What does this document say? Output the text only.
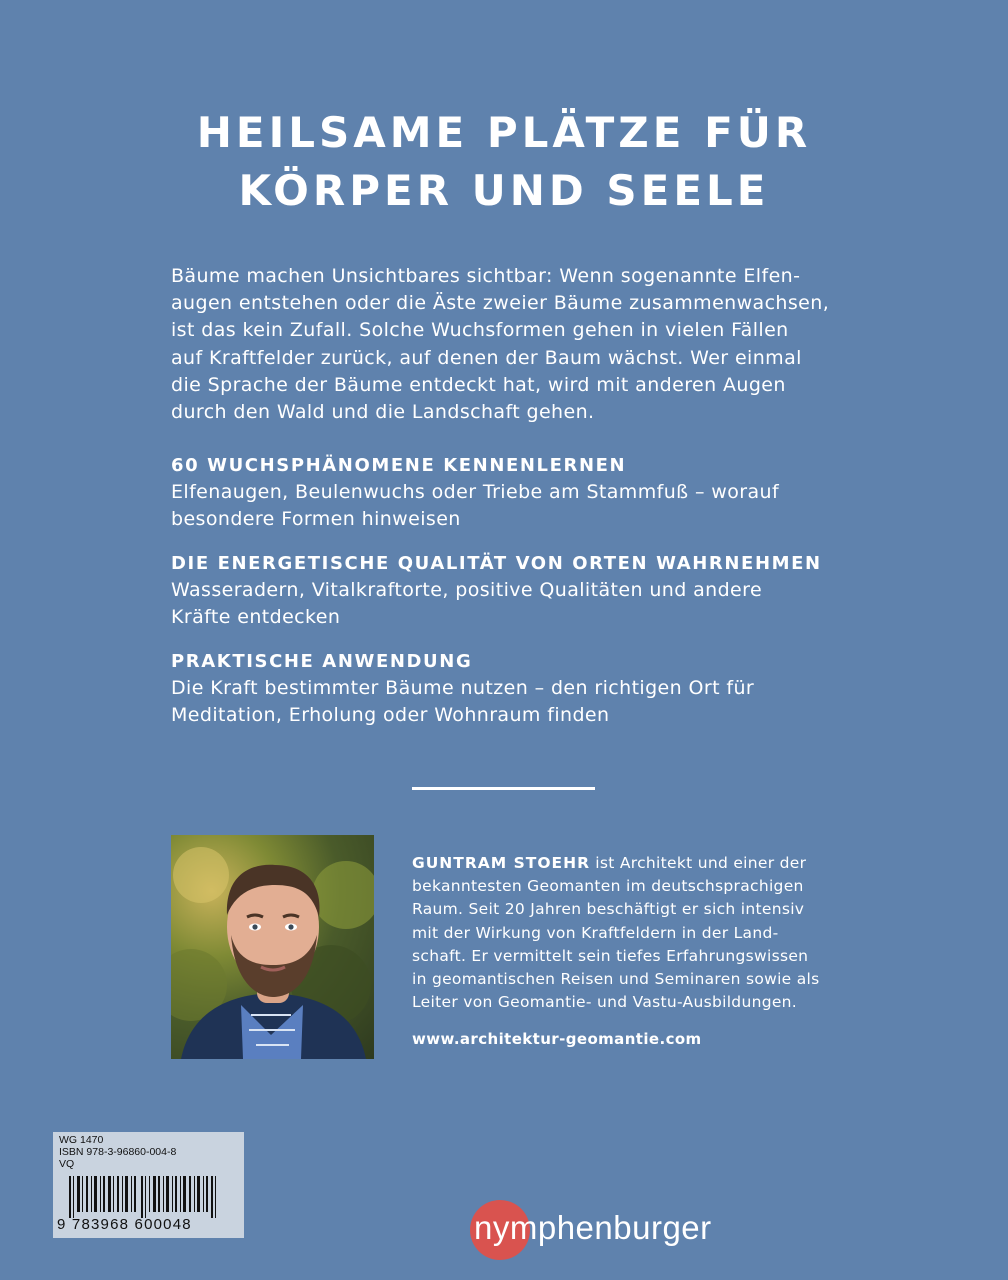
HEILSAME PLÄTZE FÜR
KÖRPER UND SEELE

Bäume machen Unsichtbares sichtbar: Wenn sogenannte Elfen-
augen entstehen oder die Äste zweier Bäume zusammenwachsen,
ist das kein Zufall. Solche Wuchsformen gehen in vielen Fällen
auf Kraftfelder zurück, auf denen der Baum wächst. Wer einmal
die Sprache der Bäume entdeckt hat, wird mit anderen Augen
durch den Wald und die Landschaft gehen.

60 WUCHSPHÄNOMENE KENNENLERNEN

Elfenaugen, Beulenwuchs oder Triebe am Stammfuß – worauf
besondere Formen hinweisen

DIE ENERGETISCHE QUALITÄT VON ORTEN WAHRNEHMEN

Wasseradern, Vitalkraftorte, positive Qualitäten und andere
Kräfte entdecken

PRAKTISCHE ANWENDUNG

Die Kraft bestimmter Bäume nutzen – den richtigen Ort für
Meditation, Erholung oder Wohnraum finden

GUNTRAM STOEHR ist Architekt und einer der
bekanntesten Geomanten im deutschsprachigen
Raum. Seit 20 Jahren beschäftigt er sich intensiv
mit der Wirkung von Kraftfeldern in der Land-
schaft. Er vermittelt sein tiefes Erfahrungswissen
in geomantischen Reisen und Seminaren sowie als
Leiter von Geomantie- und Vastu-Ausbildungen.

www.architektur-geomantie.com
WG 1470
ISBN 978-3-96860-004-8
VQ
9 783968 600048	nymphenburger
